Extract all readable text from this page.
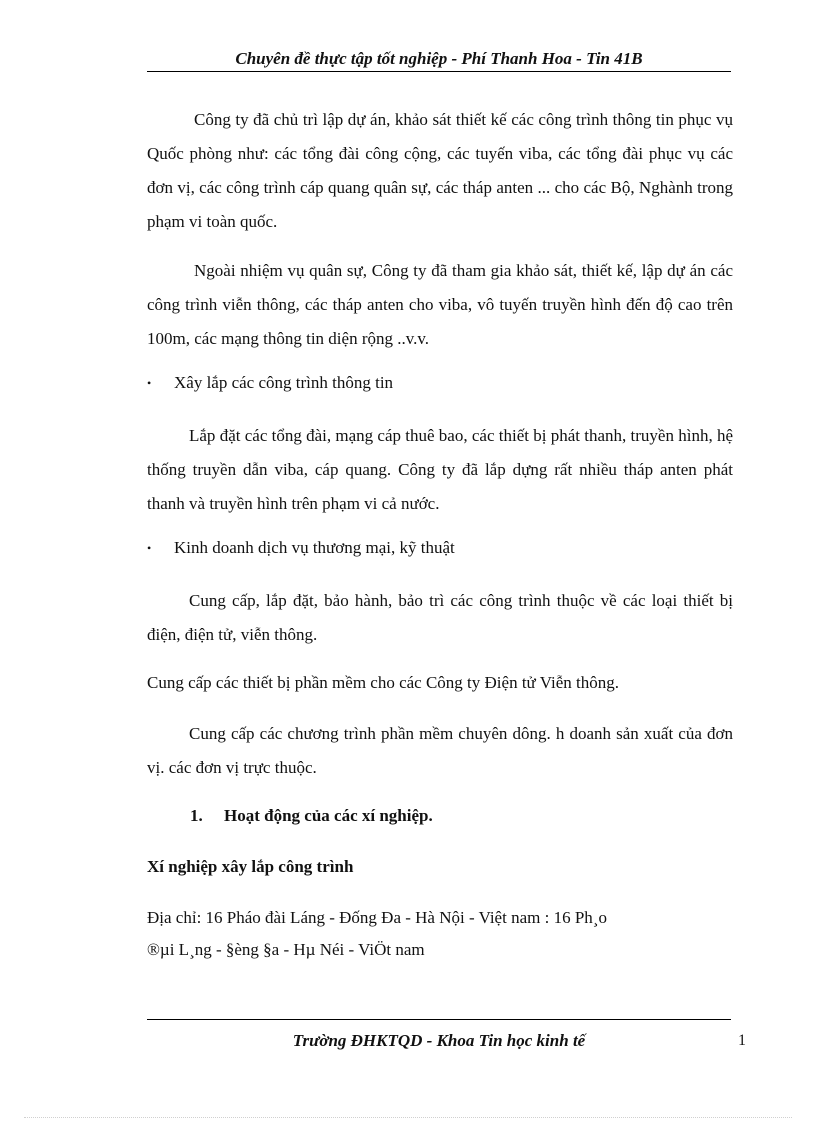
Chuyên đề thực tập tốt nghiệp - Phí Thanh Hoa - Tin 41B
Công ty đã chủ trì lập dự án, khảo sát thiết kế các công trình thông tin phục vụ Quốc phòng như: các tổng đài công cộng, các tuyến viba, các tổng đài phục vụ các đơn vị, các công trình cáp quang quân sự, các tháp anten ... cho các Bộ, Nghành trong phạm vi toàn quốc.
Ngoài nhiệm vụ quân sự, Công ty đã tham gia khảo sát, thiết kế, lập dự án các công trình viễn thông, các tháp anten cho viba, vô tuyến truyền hình đến độ cao trên 100m, các mạng thông tin diện rộng ..v.v.
• Xây lắp các công trình thông tin
Lắp đặt các tổng đài, mạng cáp thuê bao, các thiết bị phát thanh, truyền hình, hệ thống truyền dẫn viba, cáp quang. Công ty đã lắp dựng rất nhiều tháp anten phát thanh và truyền hình trên phạm vi cả nước.
• Kinh doanh dịch vụ thương mại, kỹ thuật
Cung cấp, lắp đặt, bảo hành, bảo trì các công trình thuộc về các loại thiết bị điện, điện tử, viễn thông.
Cung cấp các thiết bị phần mềm cho các Công ty Điện tử Viễn thông.
Cung cấp các chương trình phần mềm chuyên dông. h doanh sản xuất của đơn vị. các đơn vị trực thuộc.
1. Hoạt động của các xí nghiệp.
Xí nghiệp xây lắp công trình
Địa chỉ: 16 Pháo đài Láng - Đống Đa - Hà Nội - Việt nam : 16 Ph¸o
®µi L¸ng - §èng §a - Hµ Néi - ViÖt nam
Trường ĐHKTQD - Khoa Tin học kinh tế	1
